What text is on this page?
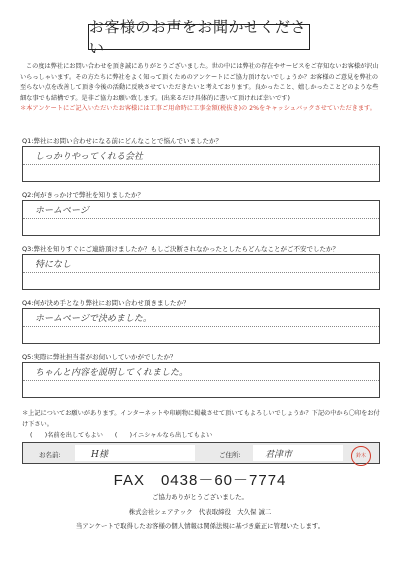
お客様のお声をお聞かせください

この度は弊社にお問い合わせを頂き誠にありがとうございました。世の中には弊社の存在やサービスをご存知ないお客様が沢山いらっしゃいます。その方たちに弊社をよく知って頂くためのアンケートにご協力頂けないでしょうか？お客様のご意見を弊社の至らない点を改善して頂き今後の活動に反映させていただきたいと考えております。良かったこと、嬉しかったことどのような些細な事でも結構です。是非ご協力お願い致します。(出来るだけ具体的に書いて頂ければ幸いです)

＊本アンケートにご記入いただいたお客様には工事ご用命時に工事金額(税抜き)の 2%をキャッシュバックさせていただきます。

Q1:弊社にお問い合わせになる前にどんなことで悩んでいましたか？
しっかりやってくれる会社
Q2:何がきっかけで弊社を知りましたか？
ホームページ
Q3:弊社を知りすぐにご連絡頂けましたか？もしご決断されなかったとしたらどんなことがご不安でしたか？
特になし
Q4:何が決め手となり弊社にお問い合わせ頂きましたか？
ホームページで決めました。
Q5:実際に弊社担当者がお伺いしていかがでしたか？
ちゃんと内容を説明してくれました。
＊上記についてお願いがあります。インターネットや印刷物に掲載させて頂いてもよろしいでしょうか？下記の中から〇印をお付け下さい。
(　　)名前を出してもよい (　　)イニシャルなら出してもよい
お名前:	H様	ご住所:	君津市	鈴木
FAX　0438－60－7774
ご協力ありがとうございました。
株式会社シェアテック　代表取締役　大久保 誠二
当アンケートで取得したお客様の個人情報は関係法規に基づき厳正に管理いたします。
